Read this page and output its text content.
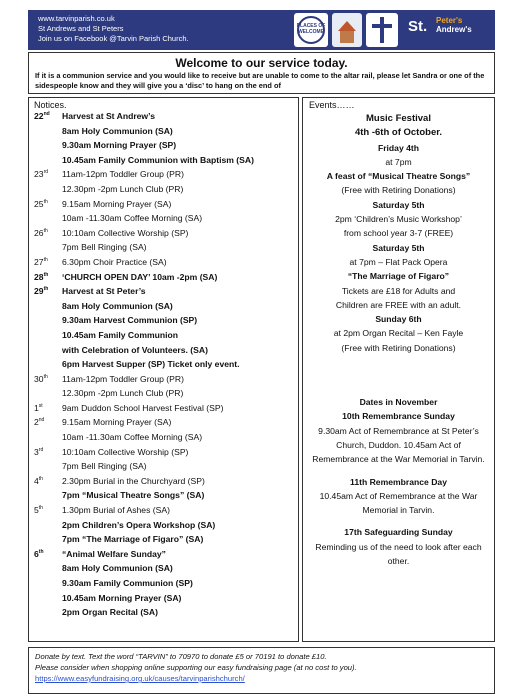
www.tarvinparish.co.uk
St Andrews and St Peters
Join us on Facebook @Tarvin Parish Church.
PLACES OF WELCOME	St. Peter's
Andrew's
Welcome to our service today.

If it is a communion service and you would like to receive but are unable to come to the altar rail, please let Sandra or one of the sidespeople know and they will give you a ‘disc’ to hang on the end of

Notices.
22nd Harvest at St Andrew’s
8am Holy Communion (SA)
9.30am Morning Prayer (SP)
10.45am Family Communion with Baptism (SA)
23rd 11am-12pm Toddler Group (PR)
12.30pm -2pm Lunch Club (PR)
25th 9.15am Morning Prayer (SA)
10am -11.30am Coffee Morning (SA)
26th 10:10am Collective Worship (SP)
7pm Bell Ringing (SA)
27th 6.30pm Choir Practice (SA)
28th ‘CHURCH OPEN DAY’ 10am -2pm (SA)
29th Harvest at St Peter’s
8am Holy Communion (SA)
9.30am Harvest Communion (SP)
10.45am Family Communion
with Celebration of Volunteers. (SA)
6pm Harvest Supper (SP) Ticket only event.
30th 11am-12pm Toddler Group (PR)
12.30pm -2pm Lunch Club (PR)
1st 9am Duddon School Harvest Festival (SP)
2nd 9.15am Morning Prayer (SA)
10am -11.30am Coffee Morning (SA)
3rd 10:10am Collective Worship (SP)
7pm Bell Ringing (SA)
4th 2.30pm Burial in the Churchyard (SP)
7pm “Musical Theatre Songs” (SA)
5th 1.30pm Burial of Ashes (SA)
2pm Children’s Opera Workshop (SA)
7pm “The Marriage of Figaro” (SA)
6th “Animal Welfare Sunday”
8am Holy Communion (SA)
9.30am Family Communion (SP)
10.45am Morning Prayer (SA)
2pm Organ Recital (SA)
Events……
Music Festival
4th -6th of October.
Friday 4th
at 7pm
A feast of “Musical Theatre Songs”
(Free with Retiring Donations)
Saturday 5th
2pm ‘Children’s Music Workshop’
from school year 3-7 (FREE)
Saturday 5th
at 7pm – Flat Pack Opera
“The Marriage of Figaro”
Tickets are £18 for Adults and
Children are FREE with an adult.
Sunday 6th
at 2pm Organ Recital – Ken Fayle
(Free with Retiring Donations)
Dates in November
10th Remembrance Sunday
9.30am Act of Remembrance at St Peter’s Church, Duddon. 10.45am Act of Remembrance at the War Memorial in Tarvin.
11th Remembrance Day
10.45am Act of Remembrance at the War Memorial in Tarvin.
17th Safeguarding Sunday
Reminding us of the need to look after each other.
Donate by text. Text the word “TARVIN” to 70970 to donate £5 or 70191 to donate £10.
Please consider when shopping online supporting our easy fundraising page (at no cost to you).
https://www.easyfundraising.org.uk/causes/tarvinparishchurch/
